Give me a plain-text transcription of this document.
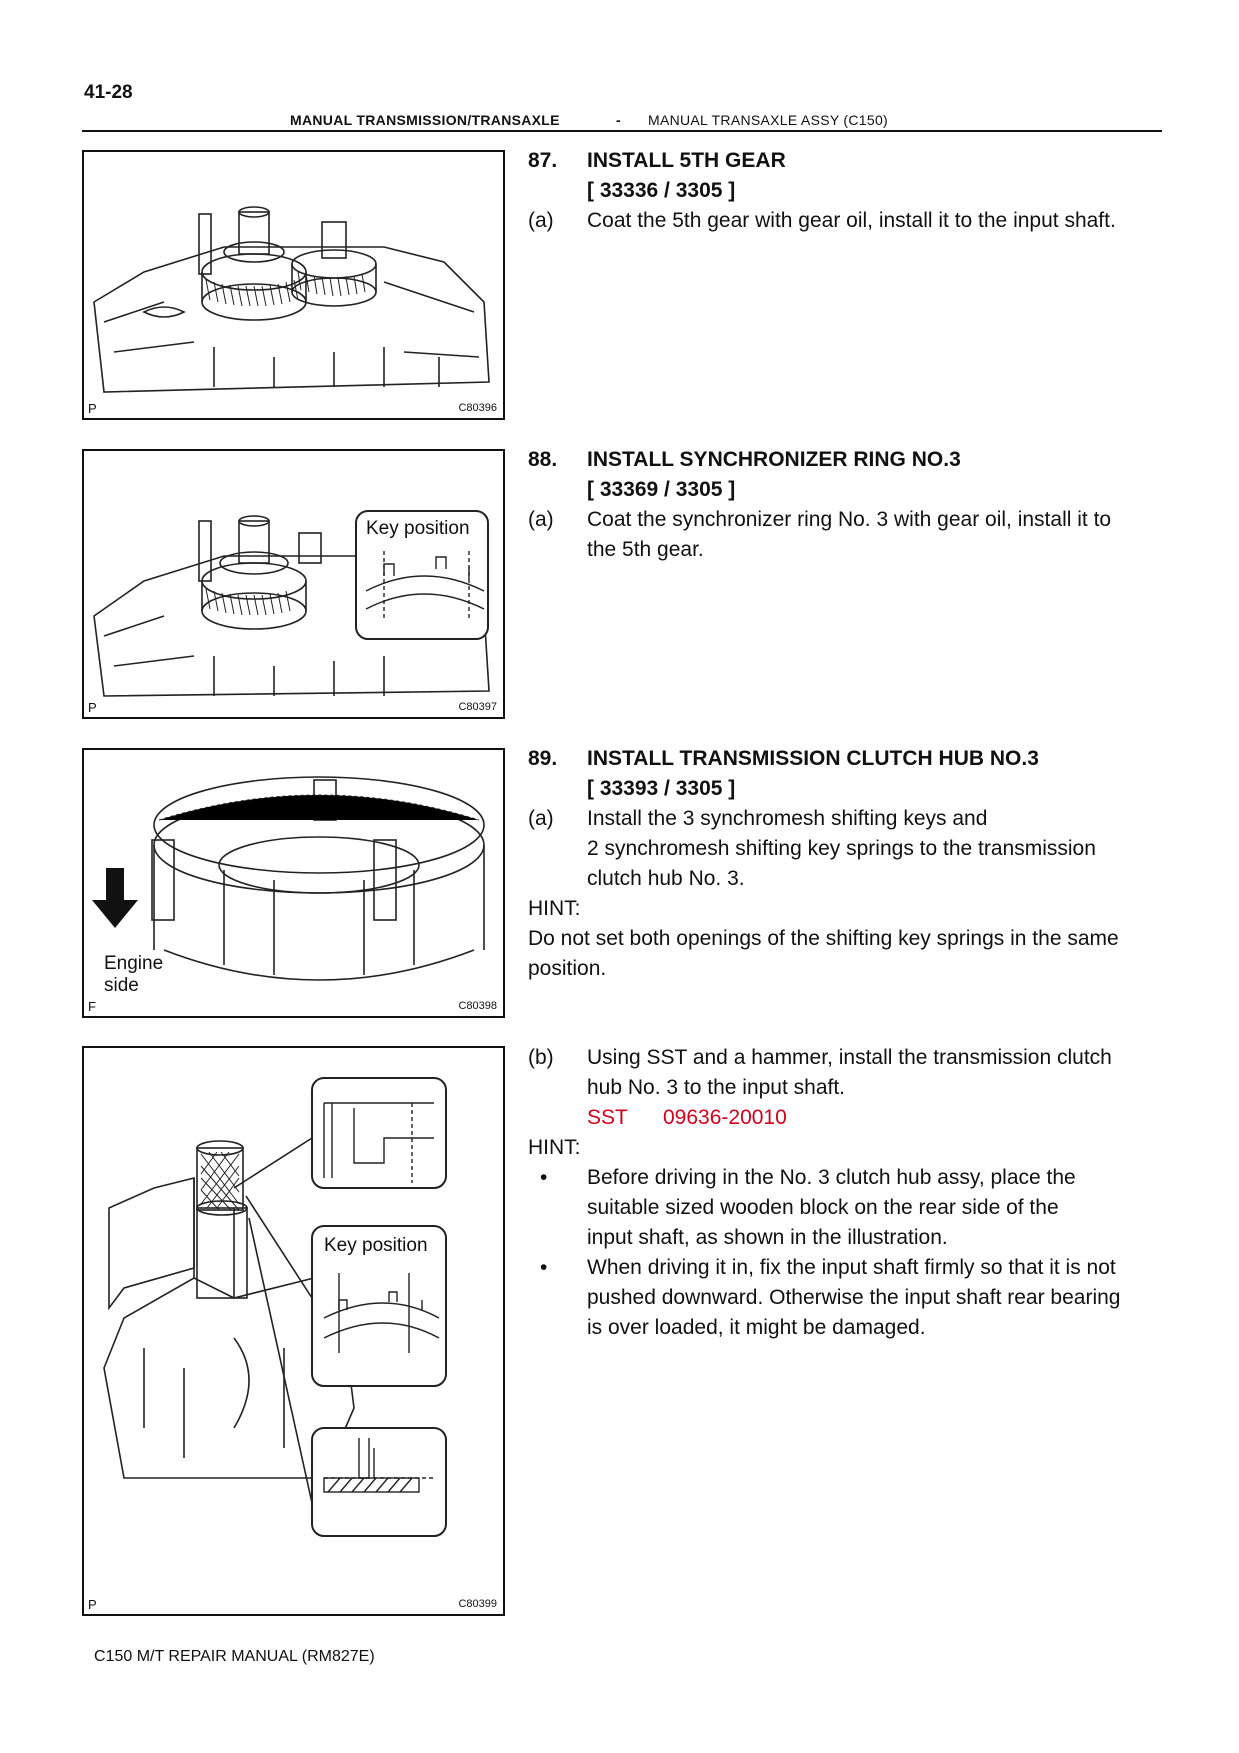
41-28
MANUAL TRANSMISSION/TRANSAXLE	- MANUAL TRANSAXLE ASSY (C150)
P	C80396
Key position
P	C80397
Engine
side
F	C80398
Key position
P	C80399
87. INSTALL 5TH GEAR
[ 33336 / 3305 ]
(a) Coat the 5th gear with gear oil, install it to the input shaft.
88. INSTALL SYNCHRONIZER RING NO.3
[ 33369 / 3305 ]
(a) Coat the synchronizer ring No. 3 with gear oil, install it to
the 5th gear.
89. INSTALL TRANSMISSION CLUTCH HUB NO.3
[ 33393 / 3305 ]
(a) Install the 3 synchromesh shifting keys and
2 synchromesh shifting key springs to the transmission
clutch hub No. 3.
HINT:
Do not set both openings of the shifting key springs in the same
position.
(b) Using SST and a hammer, install the transmission clutch
hub No. 3 to the input shaft.
SST	09636-20010
HINT:
• Before driving in the No. 3 clutch hub assy, place the
suitable sized wooden block on the rear side of the
input shaft, as shown in the illustration.
• When driving it in, fix the input shaft firmly so that it is not
pushed downward. Otherwise the input shaft rear bearing
is over loaded, it might be damaged.
C150 M/T REPAIR MANUAL (RM827E)
